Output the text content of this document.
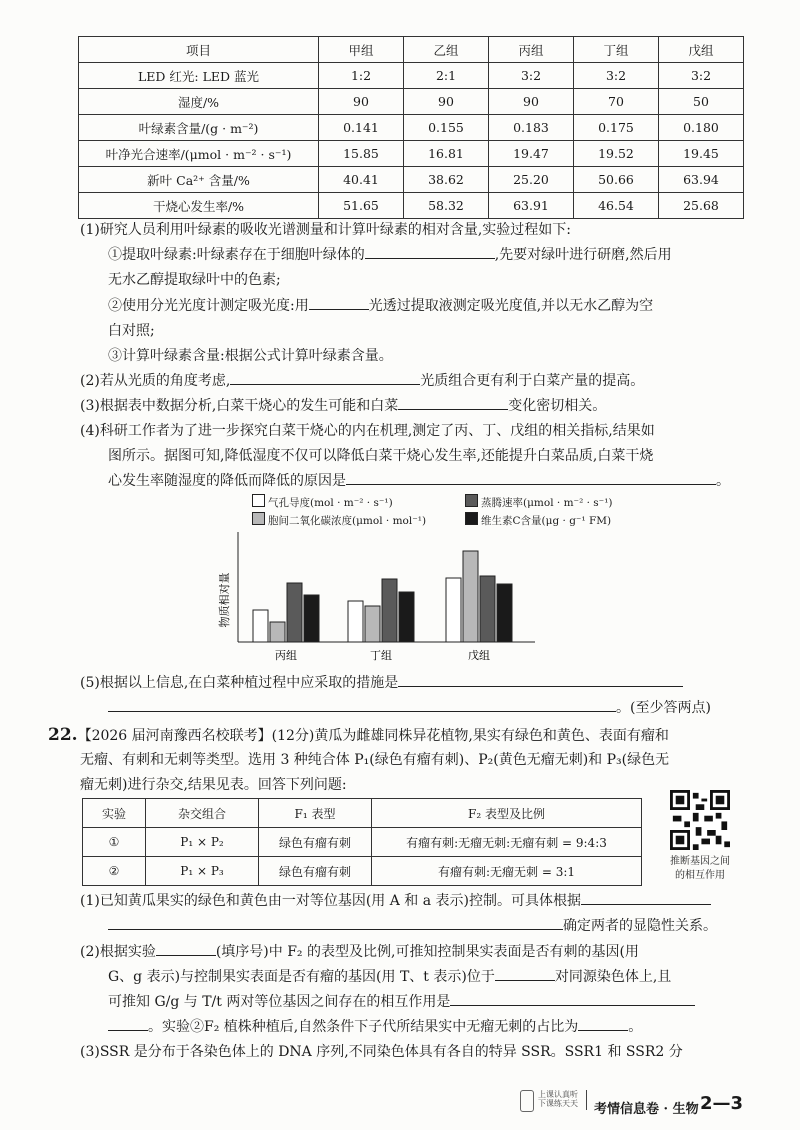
项目	甲组	乙组	丙组	丁组	戊组
LED 红光: LED 蓝光	1:2	2:1	3:2	3:2	3:2
湿度/%	90	90	90	70	50
叶绿素含量/(g · m⁻²)	0.141	0.155	0.183	0.175	0.180
叶净光合速率/(μmol · m⁻² · s⁻¹)	15.85	16.81	19.47	19.52	19.45
新叶 Ca²⁺ 含量/%	40.41	38.62	25.20	50.66	63.94
干烧心发生率/%	51.65	58.32	63.91	46.54	25.68
(1)研究人员利用叶绿素的吸收光谱测量和计算叶绿素的相对含量,实验过程如下:
①提取叶绿素:叶绿素存在于细胞叶绿体的	,先要对绿叶进行研磨,然后用
无水乙醇提取绿叶中的色素;
②使用分光光度计测定吸光度:用	光透过提取液测定吸光度值,并以无水乙醇为空
白对照;
③计算叶绿素含量:根据公式计算叶绿素含量。
(2)若从光质的角度考虑,	光质组合更有利于白菜产量的提高。
(3)根据表中数据分析,白菜干烧心的发生可能和白菜	变化密切相关。
(4)科研工作者为了进一步探究白菜干烧心的内在机理,测定了丙、丁、戊组的相关指标,结果如
图所示。据图可知,降低湿度不仅可以降低白菜干烧心发生率,还能提升白菜品质,白菜干烧
心发生率随湿度的降低而降低的原因是	。
气孔导度(mol · m⁻² · s⁻¹)	蒸腾速率(μmol · m⁻² · s⁻¹)
胞间二氧化碳浓度(μmol · mol⁻¹)	维生素C含量(μg · g⁻¹ FM)
物质相对量
丙组	丁组	戊组
(5)根据以上信息,在白菜种植过程中应采取的措施是
。(至少答两点)
22.【2026 届河南豫西名校联考】(12分)黄瓜为雌雄同株异花植物,果实有绿色和黄色、表面有瘤和
无瘤、有刺和无刺等类型。选用 3 种纯合体 P₁(绿色有瘤有刺)、P₂(黄色无瘤无刺)和 P₃(绿色无
瘤无刺)进行杂交,结果见表。回答下列问题:
实验	杂交组合	F₁ 表型	F₂ 表型及比例
①	P₁ × P₂	绿色有瘤有刺	有瘤有刺:无瘤无刺:无瘤有刺 = 9:4:3
②	P₁ × P₃	绿色有瘤有刺	有瘤有刺:无瘤无刺 = 3:1
推断基因之间
的相互作用
(1)已知黄瓜果实的绿色和黄色由一对等位基因(用 A 和 a 表示)控制。可具体根据
确定两者的显隐性关系。
(2)根据实验	(填序号)中 F₂ 的表型及比例,可推知控制果实表面是否有刺的基因(用
G、g 表示)与控制果实表面是否有瘤的基因(用 T、t 表示)位于	对同源染色体上,且
可推知 G/g 与 T/t 两对等位基因之间存在的相互作用是
。实验②F₂ 植株种植后,自然条件下子代所结果实中无瘤无刺的占比为	。
(3)SSR 是分布于各染色体上的 DNA 序列,不同染色体具有各自的特异 SSR。SSR1 和 SSR2 分
上课认真听
下课练天天 考情信息卷 · 生物 2—3
